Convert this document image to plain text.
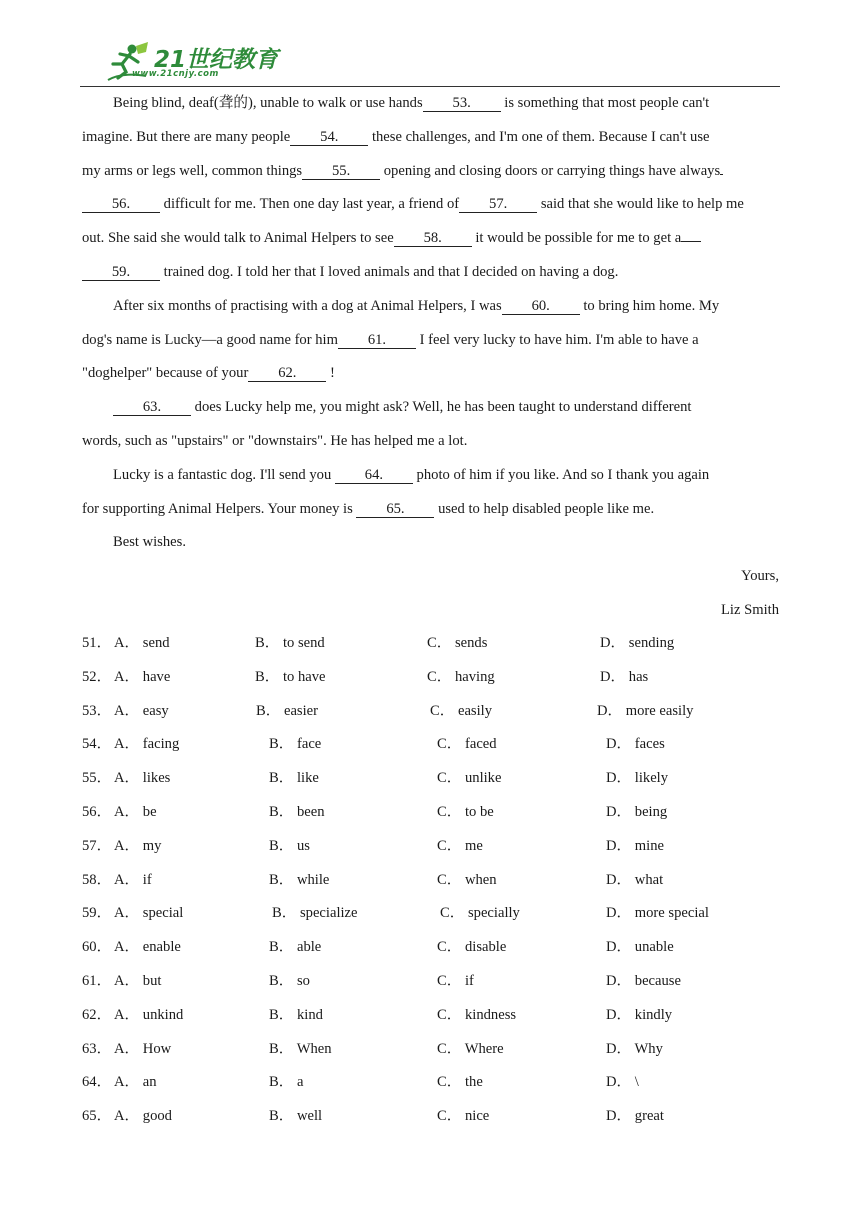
21世纪教育
www.21cnjy.com
Being blind, deaf(聋的), unable to walk or use hands 53. is something that most people can't
imagine. But there are many people 54. these challenges, and I'm one of them. Because I can't use
my arms or legs well, common things 55. opening and closing doors or carrying things have always
56. difficult for me. Then one day last year, a friend of 57. said that she would like to help me
out. She said she would talk to Animal Helpers to see 58. it would be possible for me to get a
59. trained dog. I told her that I loved animals and that I decided on having a dog.
After six months of practising with a dog at Animal Helpers, I was 60. to bring him home. My
dog's name is Lucky—a good name for him 61. I feel very lucky to have him. I'm able to have a
"doghelper" because of your 62. !
63. does Lucky help me, you might ask? Well, he has been taught to understand different
words, such as "upstairs" or "downstairs". He has helped me a lot.
Lucky is a fantastic dog. I'll send you 64. photo of him if you like. And so I thank you again
for supporting Animal Helpers. Your money is 65. used to help disabled people like me.
Best wishes.
Yours,
Liz Smith
51． A． send	B． to send	C． sends	D． sending
52． A． have	B． to have	C． having	D． has
53． A． easy	B． easier	C． easily	D． more easily
54． A． facing	B． face	C． faced	D． faces
55． A． likes	B． like	C． unlike	D． likely
56． A． be	B． been	C． to be	D． being
57． A． my	B． us	C． me	D． mine
58． A． if	B． while	C． when	D． what
59． A． special	B． specialize	C． specially	D． more special
60． A． enable	B． able	C． disable	D． unable
61． A． but	B． so	C． if	D． because
62． A． unkind	B． kind	C． kindness	D． kindly
63． A． How	B． When	C． Where	D． Why
64． A． an	B． a	C． the	D． \
65． A． good	B． well	C． nice	D． great
